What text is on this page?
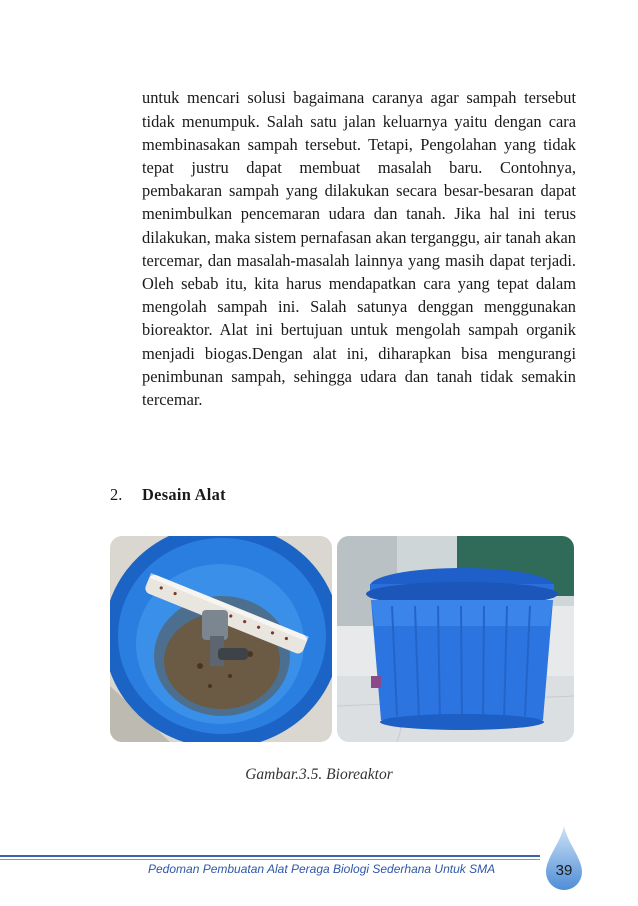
untuk mencari solusi bagaimana caranya agar sampah tersebut tidak menumpuk. Salah satu jalan keluarnya yaitu dengan cara membinasakan sampah tersebut. Tetapi, Pengolahan yang tidak tepat justru dapat membuat masalah baru. Contohnya, pembakaran sampah yang dilakukan secara besar-besaran dapat menimbulkan pencemaran udara dan tanah. Jika hal ini terus dilakukan, maka sistem pernafasan akan terganggu, air tanah akan tercemar, dan masalah-masalah lainnya yang masih dapat terjadi. Oleh sebab itu, kita harus mendapatkan cara yang tepat dalam mengolah sampah ini. Salah satunya denggan menggunakan bioreaktor. Alat ini bertujuan untuk mengolah sampah organik menjadi biogas.Dengan alat ini, diharapkan bisa mengurangi penimbunan sampah, sehingga udara dan tanah tidak semakin tercemar.

2. Desain Alat
Gambar.3.5. Bioreaktor
Pedoman Pembuatan Alat Peraga Biologi Sederhana Untuk SMA	39
